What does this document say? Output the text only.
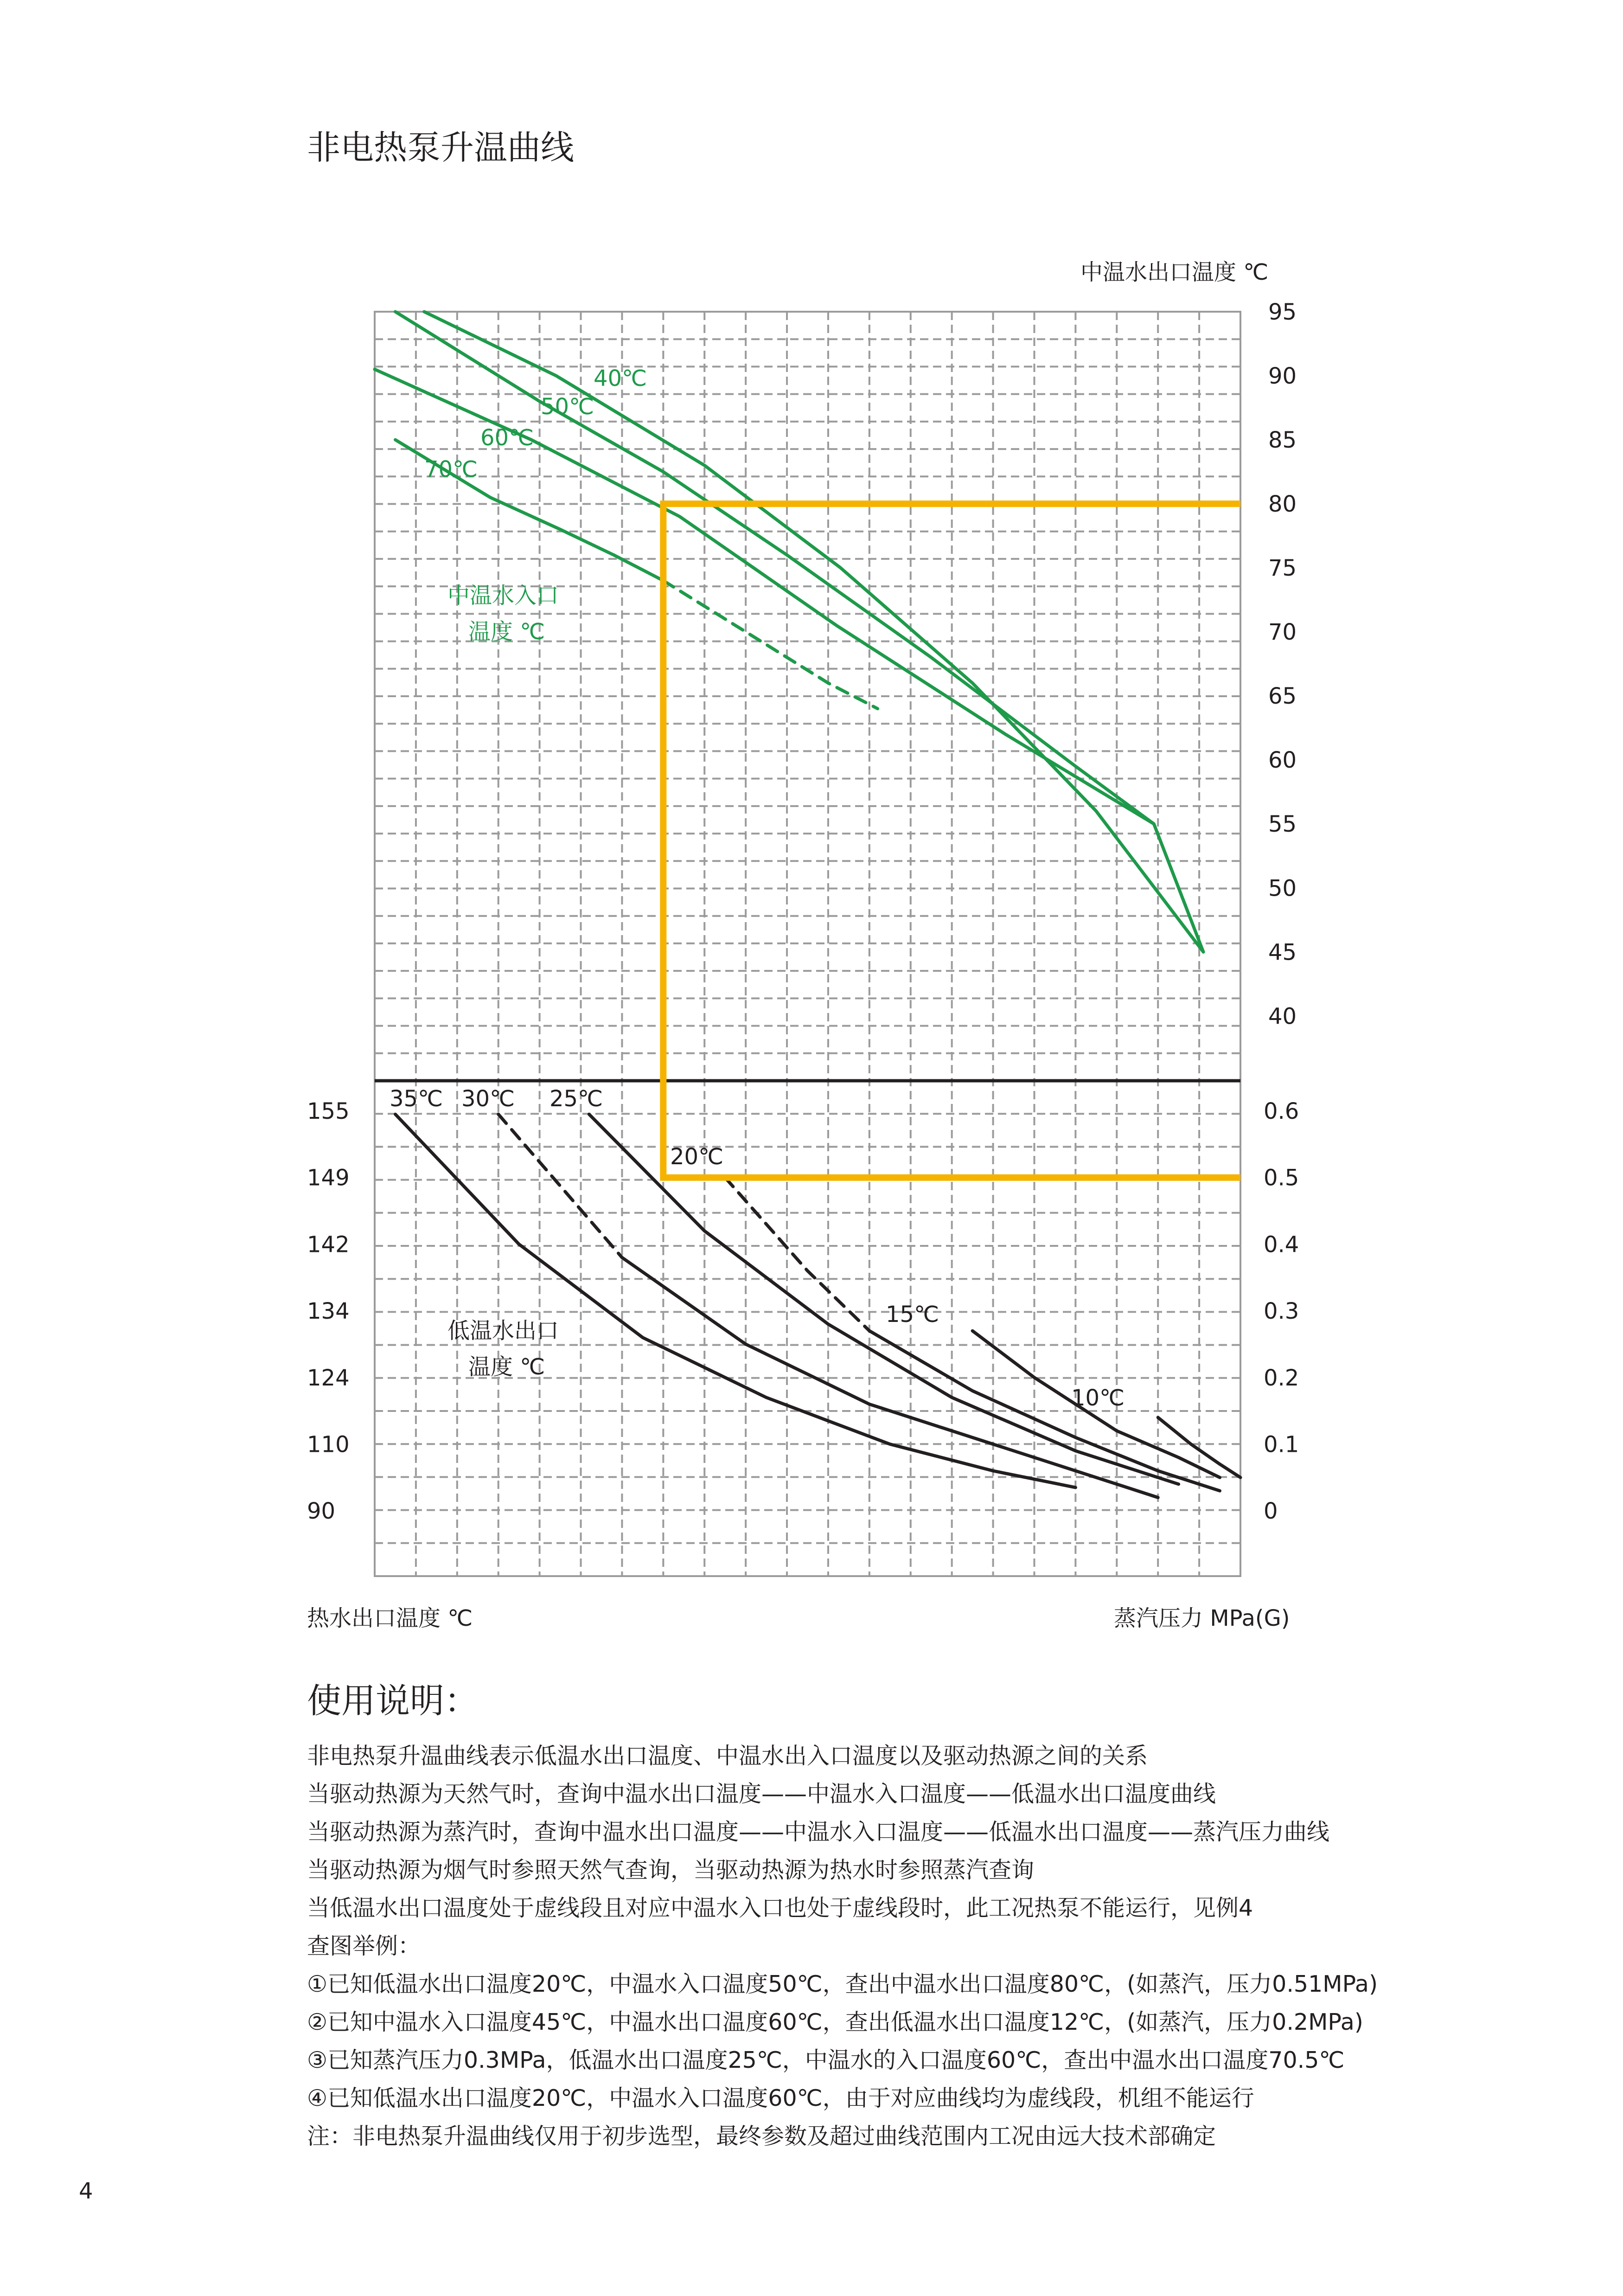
非电热泵升温曲线
中温水出口温度 ℃
95
90
85
80
75
70
65
60
55
50
45
40
0.6
0.5
0.4
0.3
0.2
0.1
0
155
149
142
134
124
110
90
热水出口温度 ℃	蒸汽压力 MPa(G)
40℃
50℃
60℃
70℃
中温水入口
温度 ℃
35℃ 30℃ 25℃
20℃
15℃
10℃
低温水出口
温度 ℃
使用说明：
非电热泵升温曲线表示低温水出口温度、中温水出入口温度以及驱动热源之间的关系
当驱动热源为天然气时，查询中温水出口温度——中温水入口温度——低温水出口温度曲线
当驱动热源为蒸汽时，查询中温水出口温度——中温水入口温度——低温水出口温度——蒸汽压力曲线
当驱动热源为烟气时参照天然气查询，当驱动热源为热水时参照蒸汽查询
当低温水出口温度处于虚线段且对应中温水入口也处于虚线段时，此工况热泵不能运行，见例4
查图举例：
①已知低温水出口温度20℃，中温水入口温度50℃，查出中温水出口温度80℃，(如蒸汽，压力0.51MPa)
②已知中温水入口温度45℃，中温水出口温度60℃，查出低温水出口温度12℃，(如蒸汽，压力0.2MPa)
③已知蒸汽压力0.3MPa，低温水出口温度25℃，中温水的入口温度60℃，查出中温水出口温度70.5℃
④已知低温水出口温度20℃，中温水入口温度60℃，由于对应曲线均为虚线段，机组不能运行
注：非电热泵升温曲线仅用于初步选型，最终参数及超过曲线范围内工况由远大技术部确定
4
